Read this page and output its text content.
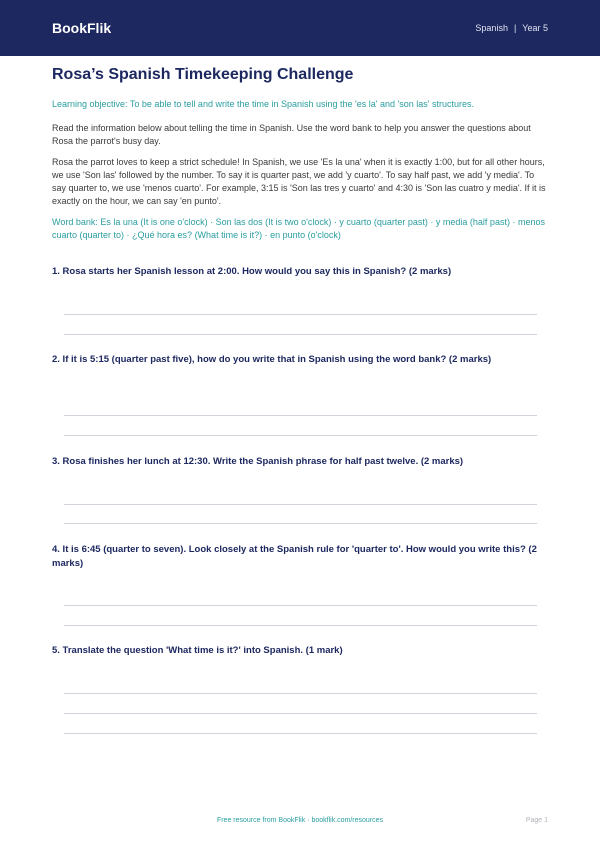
BookFlik	Spanish | Year 5
Rosa’s Spanish Timekeeping Challenge

Learning objective: To be able to tell and write the time in Spanish using the 'es la' and 'son las' structures.

Read the information below about telling the time in Spanish. Use the word bank to help you answer the questions about Rosa the parrot's busy day.

Rosa the parrot loves to keep a strict schedule! In Spanish, we use 'Es la una' when it is exactly 1:00, but for all other hours, we use 'Son las' followed by the number. To say it is quarter past, we add 'y cuarto'. To say half past, we add 'y media'. To say quarter to, we use 'menos cuarto'. For example, 3:15 is 'Son las tres y cuarto' and 4:30 is 'Son las cuatro y media'. If it is exactly on the hour, we can say 'en punto'.

Word bank: Es la una (It is one o'clock) · Son las dos (It is two o'clock) · y cuarto (quarter past) · y media (half past) · menos cuarto (quarter to) · ¿Qué hora es? (What time is it?) · en punto (o'clock)

1. Rosa starts her Spanish lesson at 2:00. How would you say this in Spanish? (2 marks)
2. If it is 5:15 (quarter past five), how do you write that in Spanish using the word bank? (2 marks)
3. Rosa finishes her lunch at 12:30. Write the Spanish phrase for half past twelve. (2 marks)
4. It is 6:45 (quarter to seven). Look closely at the Spanish rule for 'quarter to'. How would you write this? (2 marks)
5. Translate the question 'What time is it?' into Spanish. (1 mark)
Free resource from BookFlik · bookflik.com/resources	Page 1
